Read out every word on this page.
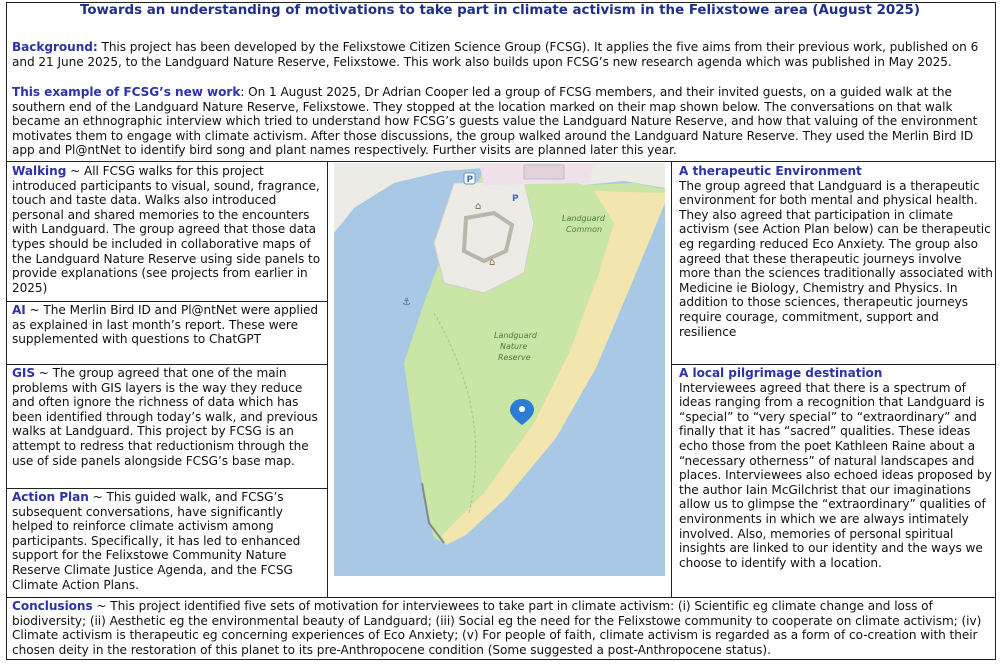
Towards an understanding of motivations to take part in climate activism in the Felixstowe area (August 2025)
Background: This project has been developed by the Felixstowe Citizen Science Group (FCSG). It applies the five aims from their previous work, published on 6 and 21 June 2025, to the Landguard Nature Reserve, Felixstowe. This work also builds upon FCSG’s new research agenda which was published in May 2025.
This example of FCSG’s new work: On 1 August 2025, Dr Adrian Cooper led a group of FCSG members, and their invited guests, on a guided walk at the southern end of the Landguard Nature Reserve, Felixstowe. They stopped at the location marked on their map shown below. The conversations on that walk became an ethnographic interview which tried to understand how FCSG’s guests value the Landguard Nature Reserve, and how that valuing of the environment motivates them to engage with climate activism. After those discussions, the group walked around the Landguard Nature Reserve. They used the Merlin Bird ID app and Pl@ntNet to identify bird song and plant names respectively. Further visits are planned later this year.
Walking ~ All FCSG walks for this project introduced participants to visual, sound, fragrance, touch and taste data. Walks also introduced personal and shared memories to the encounters with Landguard. The group agreed that those data types should be included in collaborative maps of the Landguard Nature Reserve using side panels to provide explanations (see projects from earlier in 2025)
AI ~ The Merlin Bird ID and Pl@ntNet were applied as explained in last month’s report. These were supplemented with questions to ChatGPT
GIS ~ The group agreed that one of the main problems with GIS layers is the way they reduce and often ignore the richness of data which has been identified through today’s walk, and previous walks at Landguard. This project by FCSG is an attempt to redress that reductionism through the use of side panels alongside FCSG’s base map.
Action Plan ~ This guided walk, and FCSG’s subsequent conversations, have significantly helped to reinforce climate activism among participants. Specifically, it has led to enhanced support for the Felixstowe Community Nature Reserve Climate Justice Agenda, and the FCSG Climate Action Plans.
P
P
⌂
⌂
⚓
Landguard
Common
Landguard
Nature
Reserve
A therapeutic Environment
The group agreed that Landguard is a therapeutic environment for both mental and physical health. They also agreed that participation in climate activism (see Action Plan below) can be therapeutic eg regarding reduced Eco Anxiety. The group also agreed that these therapeutic journeys involve more than the sciences traditionally associated with Medicine ie Biology, Chemistry and Physics. In addition to those sciences, therapeutic journeys require courage, commitment, support and resilience
A local pilgrimage destination
Interviewees agreed that there is a spectrum of ideas ranging from a recognition that Landguard is “special” to “very special” to “extraordinary” and finally that it has “sacred” qualities. These ideas echo those from the poet Kathleen Raine about a “necessary otherness” of natural landscapes and places. Interviewees also echoed ideas proposed by the author Iain McGilchrist that our imaginations allow us to glimpse the “extraordinary” qualities of environments in which we are always intimately involved. Also, memories of personal spiritual insights are linked to our identity and the ways we choose to identify with a location.
Conclusions ~ This project identified five sets of motivation for interviewees to take part in climate activism: (i) Scientific eg climate change and loss of biodiversity; (ii) Aesthetic eg the environmental beauty of Landguard; (iii) Social eg the need for the Felixstowe community to cooperate on climate activism; (iv) Climate activism is therapeutic eg concerning experiences of Eco Anxiety; (v) For people of faith, climate activism is regarded as a form of co-creation with their chosen deity in the restoration of this planet to its pre-Anthropocene condition (Some suggested a post-Anthropocene status).
